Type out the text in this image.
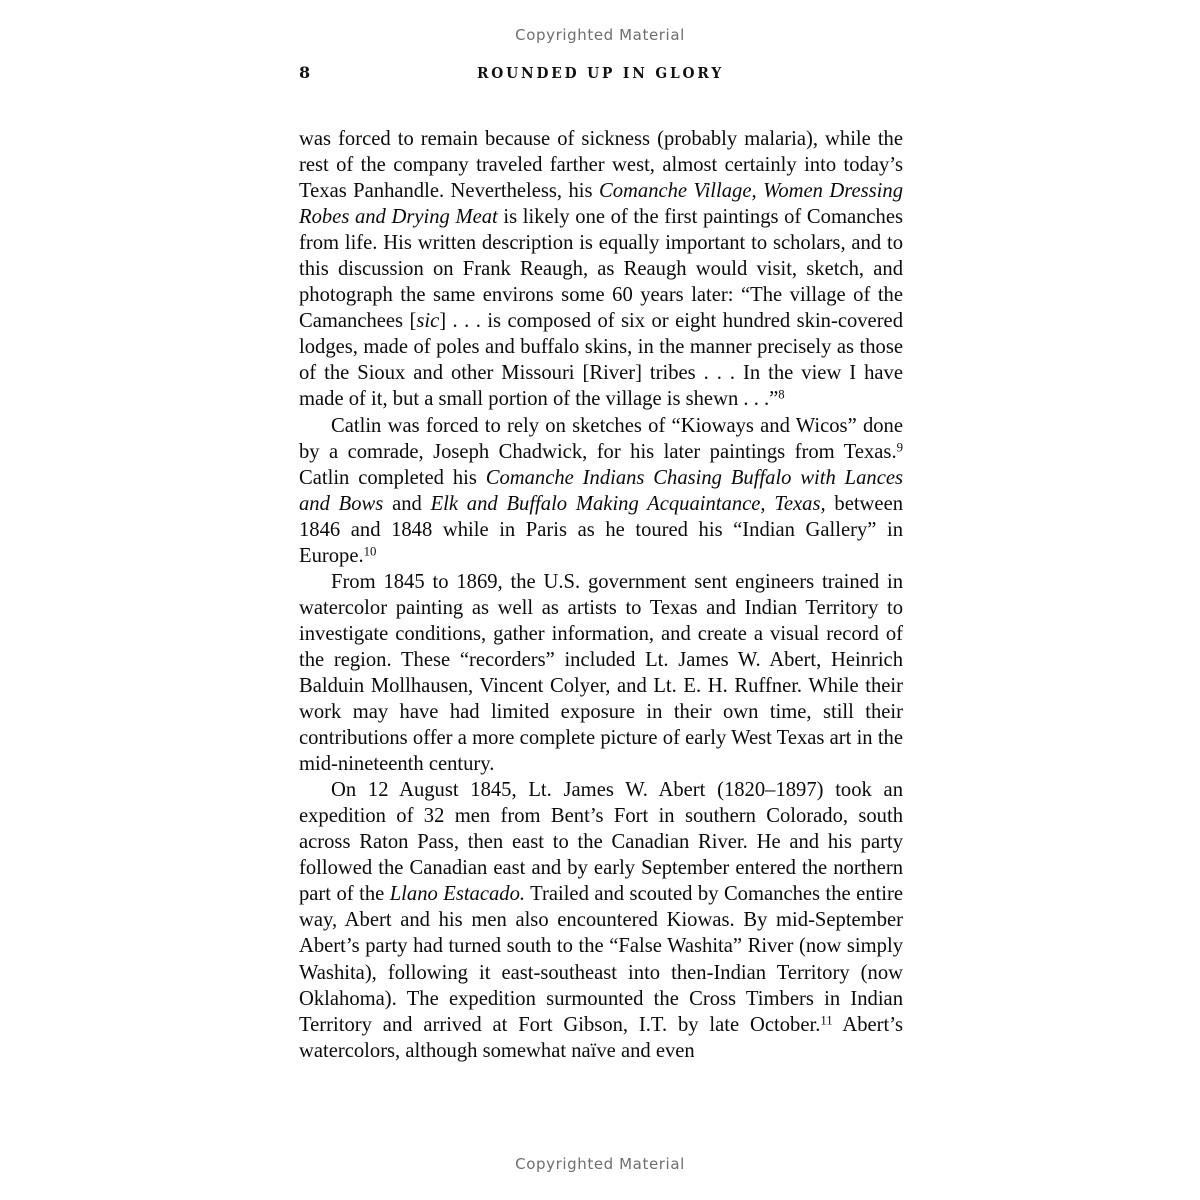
Copyrighted Material
8	ROUNDED UP IN GLORY

was forced to remain because of sickness (probably malaria), while the rest of the company traveled farther west, almost certainly into today’s Texas Panhandle. Nevertheless, his Comanche Village, Women Dressing Robes and Drying Meat is likely one of the first paintings of Comanches from life. His written description is equally important to scholars, and to this discussion on Frank Reaugh, as Reaugh would visit, sketch, and photograph the same environs some 60 years later: “The village of the Camanchees [sic] . . . is composed of six or eight hundred skin-covered lodges, made of poles and buffalo skins, in the manner precisely as those of the Sioux and other Missouri [River] tribes . . . In the view I have made of it, but a small portion of the village is shewn . . .”$^8$

Catlin was forced to rely on sketches of “Kioways and Wicos” done by a comrade, Joseph Chadwick, for his later paintings from Texas.$^9$ Catlin completed his Comanche Indians Chasing Buffalo with Lances and Bows and Elk and Buffalo Making Acquaintance, Texas, between 1846 and 1848 while in Paris as he toured his “Indian Gallery” in Europe.$^{10}$

From 1845 to 1869, the U.S. government sent engineers trained in watercolor painting as well as artists to Texas and Indian Territory to investigate conditions, gather information, and create a visual record of the region. These “recorders” included Lt. James W. Abert, Heinrich Balduin Mollhausen, Vincent Colyer, and Lt. E. H. Ruffner. While their work may have had limited exposure in their own time, still their contributions offer a more complete picture of early West Texas art in the mid-nineteenth century.

On 12 August 1845, Lt. James W. Abert (1820–1897) took an expedition of 32 men from Bent’s Fort in southern Colorado, south across Raton Pass, then east to the Canadian River. He and his party followed the Canadian east and by early September entered the northern part of the Llano Estacado. Trailed and scouted by Comanches the entire way, Abert and his men also encountered Kiowas. By mid-September Abert’s party had turned south to the “False Washita” River (now simply Washita), following it east-southeast into then-Indian Territory (now Oklahoma). The expedition surmounted the Cross Timbers in Indian Territory and arrived at Fort Gibson, I.T. by late October.$^{11}$ Abert’s watercolors, although somewhat naïve and even

Copyrighted Material
